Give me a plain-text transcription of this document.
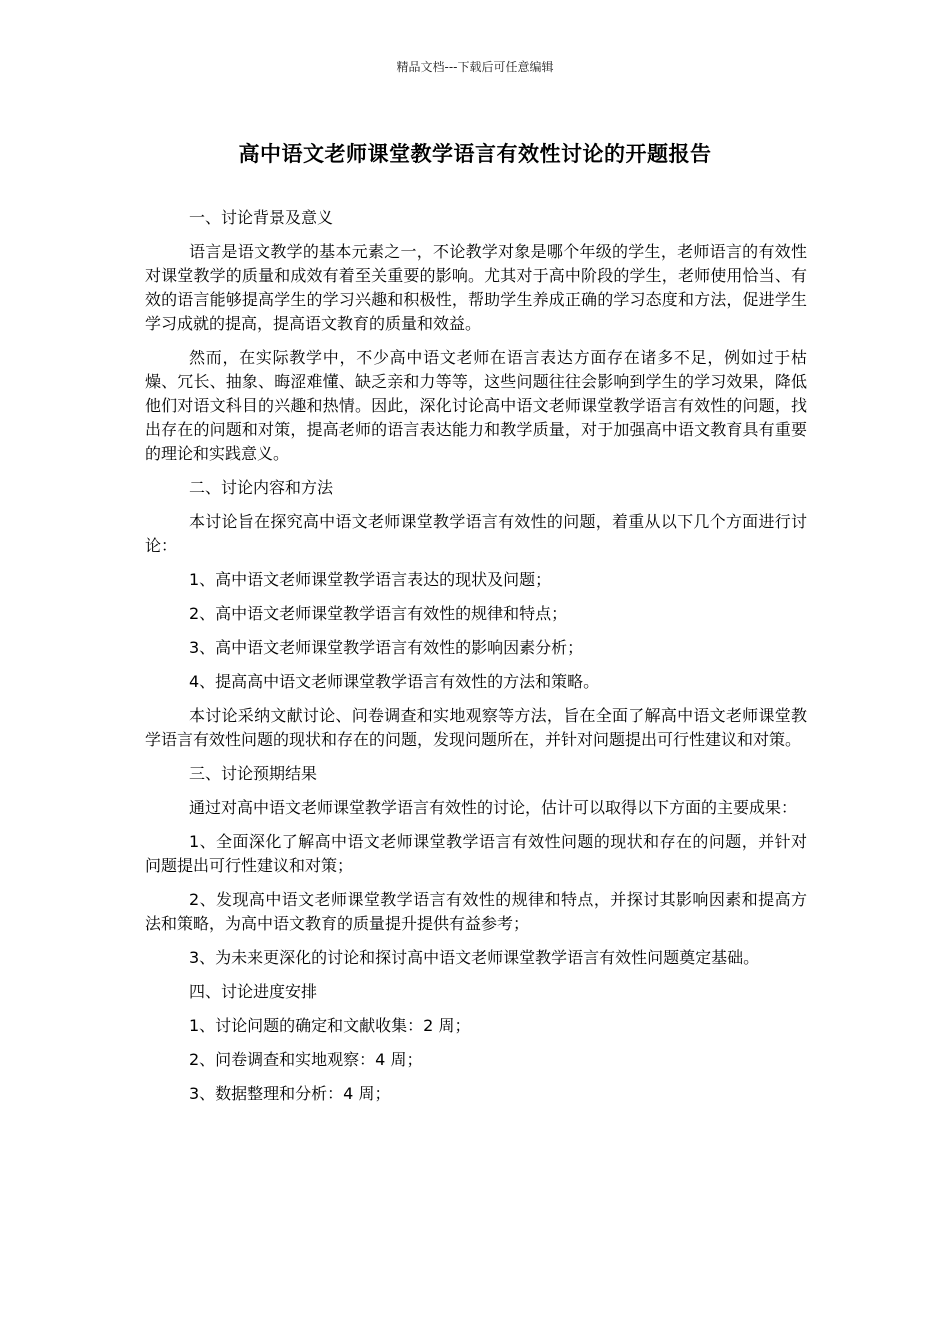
精品文档---下载后可任意编辑
高中语文老师课堂教学语言有效性讨论的开题报告

一、讨论背景及意义

语言是语文教学的基本元素之一，不论教学对象是哪个年级的学生，老师语言的有效性对课堂教学的质量和成效有着至关重要的影响。尤其对于高中阶段的学生，老师使用恰当、有效的语言能够提高学生的学习兴趣和积极性，帮助学生养成正确的学习态度和方法，促进学生学习成就的提高，提高语文教育的质量和效益。

然而，在实际教学中，不少高中语文老师在语言表达方面存在诸多不足，例如过于枯燥、冗长、抽象、晦涩难懂、缺乏亲和力等等，这些问题往往会影响到学生的学习效果，降低他们对语文科目的兴趣和热情。因此，深化讨论高中语文老师课堂教学语言有效性的问题，找出存在的问题和对策，提高老师的语言表达能力和教学质量，对于加强高中语文教育具有重要的理论和实践意义。

二、讨论内容和方法

本讨论旨在探究高中语文老师课堂教学语言有效性的问题，着重从以下几个方面进行讨论：

1、高中语文老师课堂教学语言表达的现状及问题；

2、高中语文老师课堂教学语言有效性的规律和特点；

3、高中语文老师课堂教学语言有效性的影响因素分析；

4、提高高中语文老师课堂教学语言有效性的方法和策略。

本讨论采纳文献讨论、问卷调查和实地观察等方法，旨在全面了解高中语文老师课堂教学语言有效性问题的现状和存在的问题，发现问题所在，并针对问题提出可行性建议和对策。

三、讨论预期结果

通过对高中语文老师课堂教学语言有效性的讨论，估计可以取得以下方面的主要成果：

1、全面深化了解高中语文老师课堂教学语言有效性问题的现状和存在的问题，并针对问题提出可行性建议和对策；

2、发现高中语文老师课堂教学语言有效性的规律和特点，并探讨其影响因素和提高方法和策略，为高中语文教育的质量提升提供有益参考；

3、为未来更深化的讨论和探讨高中语文老师课堂教学语言有效性问题奠定基础。

四、讨论进度安排

1、讨论问题的确定和文献收集：2 周；

2、问卷调查和实地观察：4 周；

3、数据整理和分析：4 周；
